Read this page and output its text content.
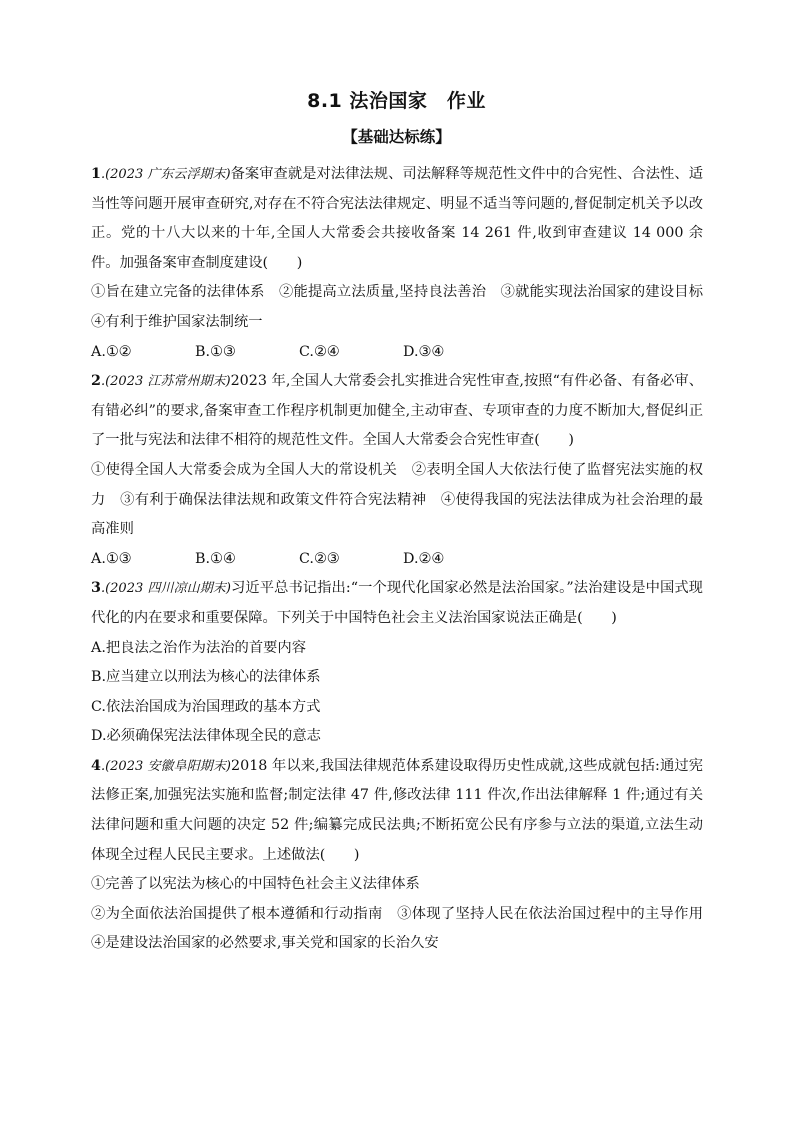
8.1 法治国家　作业
【基础达标练】

1.(2023 广东云浮期末)备案审查就是对法律法规、司法解释等规范性文件中的合宪性、合法性、适当性等问题开展审查研究,对存在不符合宪法法律规定、明显不适当等问题的,督促制定机关予以改正。党的十八大以来的十年,全国人大常委会共接收备案 14 261 件,收到审查建议 14 000 余件。加强备案审查制度建设(　　)

①旨在建立完备的法律体系　②能提高立法质量,坚持良法善治　③就能实现法治国家的建设目标　④有利于维护国家法制统一

A.①②	B.①③	C.②④	D.③④

2.(2023 江苏常州期末)2023 年,全国人大常委会扎实推进合宪性审查,按照“有件必备、有备必审、有错必纠”的要求,备案审查工作程序机制更加健全,主动审查、专项审查的力度不断加大,督促纠正了一批与宪法和法律不相符的规范性文件。全国人大常委会合宪性审查(　　)

①使得全国人大常委会成为全国人大的常设机关　②表明全国人大依法行使了监督宪法实施的权力　③有利于确保法律法规和政策文件符合宪法精神　④使得我国的宪法法律成为社会治理的最高准则

A.①③	B.①④	C.②③	D.②④

3.(2023 四川凉山期末)习近平总书记指出:“一个现代化国家必然是法治国家。”法治建设是中国式现代化的内在要求和重要保障。下列关于中国特色社会主义法治国家说法正确是(　　)

A.把良法之治作为法治的首要内容

B.应当建立以刑法为核心的法律体系

C.依法治国成为治国理政的基本方式

D.必须确保宪法法律体现全民的意志

4.(2023 安徽阜阳期末)2018 年以来,我国法律规范体系建设取得历史性成就,这些成就包括:通过宪法修正案,加强宪法实施和监督;制定法律 47 件,修改法律 111 件次,作出法律解释 1 件;通过有关法律问题和重大问题的决定 52 件;编纂完成民法典;不断拓宽公民有序参与立法的渠道,立法生动体现全过程人民民主要求。上述做法(　　)

①完善了以宪法为核心的中国特色社会主义法律体系

②为全面依法治国提供了根本遵循和行动指南　③体现了坚持人民在依法治国过程中的主导作用　④是建设法治国家的必然要求,事关党和国家的长治久安
